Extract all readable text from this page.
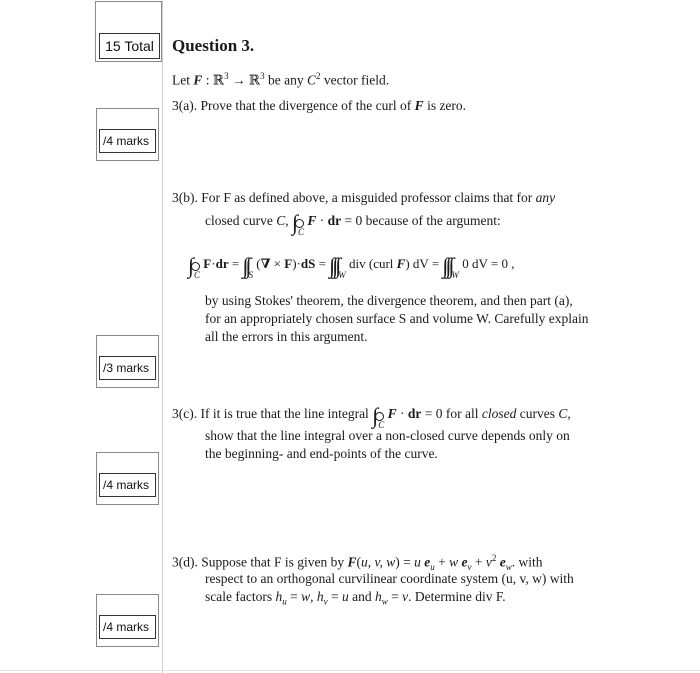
15 Total
/4 marks
/3 marks
/4 marks
/4 marks
Question 3.
Let F : ℝ$^3$ → ℝ$^3$ be any $C^2$ vector field.
3(a). Prove that the divergence of the curl of F is zero.
3(b). For F as defined above, a misguided professor claims that for any
closed curve C, $\int_C$ F · dr = 0 because of the argument:
$\int_C$ $F\cdot dr = \int\int_S$ (∇ × $F)\cdot dS = \int\int\int_W$ div (curl F) dV = $\int\int\int_W$ 0 dV = 0 ,
by using Stokes' theorem, the divergence theorem, and then part (a),
for an appropriately chosen surface S and volume W. Carefully explain
all the errors in this argument.
3(c). If it is true that the line integral $\int_C$ F · dr = 0 for all closed curves C,
show that the line integral over a non-closed curve depends only on
the beginning- and end-points of the curve.
3(d). Suppose that F is given by F(u, v, w) = u $e_u + w$ $e_v + v^2$ $e_w$. with
respect to an orthogonal curvilinear coordinate system (u, v, w) with
scale factors $h_u = w$, $h_v = u$ and $h_w = v$. Determine div F.
